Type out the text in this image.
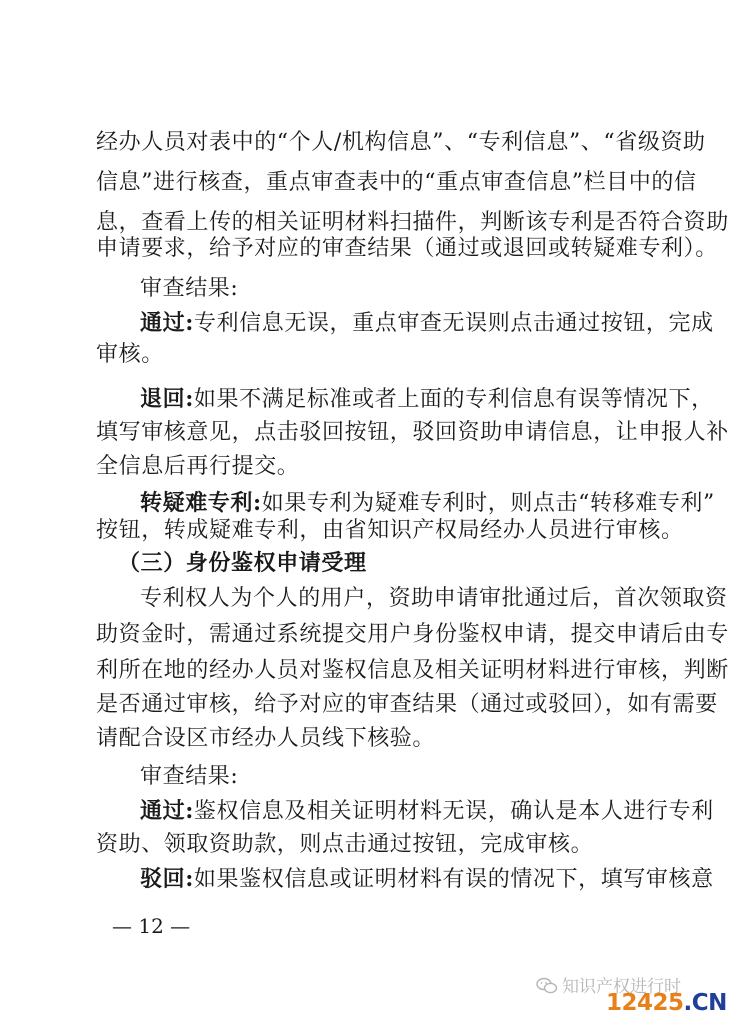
经办人员对表中的“个人/机构信息”、“专利信息”、“省级资助
信息”进行核查，重点审查表中的“重点审查信息”栏目中的信
息，查看上传的相关证明材料扫描件，判断该专利是否符合资助
申请要求，给予对应的审查结果（通过或退回或转疑难专利）。
审查结果:
通过:专利信息无误，重点审查无误则点击通过按钮，完成
审核。
退回:如果不满足标准或者上面的专利信息有误等情况下，
填写审核意见，点击驳回按钮，驳回资助申请信息，让申报人补
全信息后再行提交。
转疑难专利:如果专利为疑难专利时，则点击“转移难专利”
按钮，转成疑难专利，由省知识产权局经办人员进行审核。
（三）身份鉴权申请受理
专利权人为个人的用户，资助申请审批通过后，首次领取资
助资金时，需通过系统提交用户身份鉴权申请，提交申请后由专
利所在地的经办人员对鉴权信息及相关证明材料进行审核，判断
是否通过审核，给予对应的审查结果（通过或驳回），如有需要
请配合设区市经办人员线下核验。
审查结果:
通过:鉴权信息及相关证明材料无误，确认是本人进行专利
资助、领取资助款，则点击通过按钮，完成审核。
驳回:如果鉴权信息或证明材料有误的情况下，填写审核意
— 12 —
知识产权进行时
12425.CN
